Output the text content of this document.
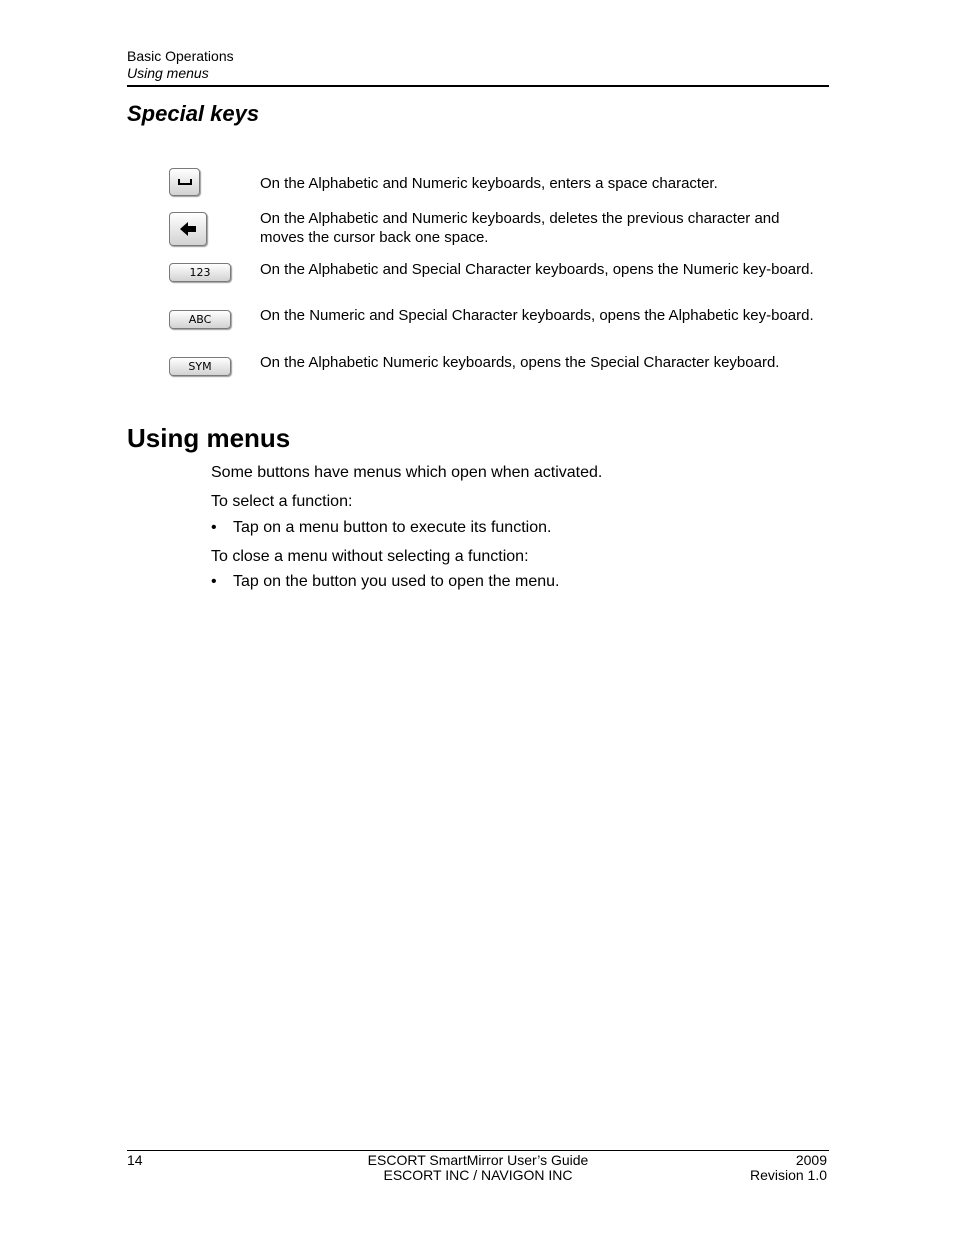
Basic Operations
Using menus
Special keys
On the Alphabetic and Numeric keyboards, enters a space character.
On the Alphabetic and Numeric keyboards, deletes the previous character and moves the cursor back one space.
123	On the Alphabetic and Special Character keyboards, opens the Numeric key-board.
ABC	On the Numeric and Special Character keyboards, opens the Alphabetic key-board.
SYM	On the Alphabetic Numeric keyboards, opens the Special Character keyboard.
Using menus
Some buttons have menus which open when activated.
To select a function:
• Tap on a menu button to execute its function.
To close a menu without selecting a function:
• Tap on the button you used to open the menu.
14	ESCORT SmartMirror User’s Guide
ESCORT INC / NAVIGON INC
2009
Revision 1.0
